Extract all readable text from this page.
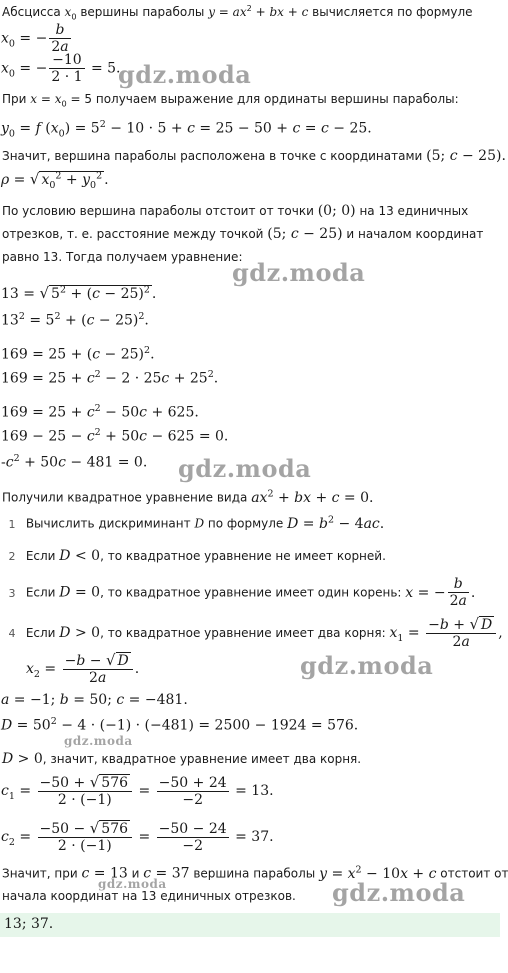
Абсцисса $x_0$ вершины параболы $y = ax^2$ + bx + c вычисляется по формуле
$x_0$ = − $\frac{b}{2a}$
$x_0$ = − $\frac{-10}{2 \cdot 1} = 5$.
gdz.moda
При $x = x_0 = 5$ получаем выражение для ординаты вершины параболы:
$y_0 = f$ $(x_0) = 5^2 - 10 \cdot 5 + c = 25 - 50 + c = c - 25$.
Значит, вершина параболы расположена в точке с координатами (5; c − 25).
ρ = √ $x_0^2 + y_0^2$ .
По условию вершина параболы отстоит от точки (0; 0) на 13 единичных
отрезков, т. е. расстояние между точкой (5; c − 25) и началом координат
равно 13. Тогда получаем уравнение:
gdz.moda
13 = √ $5^2 + (c - 25)^2$ .
$13^2 = 5^2 + (c - 25)^2$.
$169 = 25 + (c - 25)^2$.
$169 = 25 + c^2 - 2 \cdot 25c + 25^2$.
$169 = 25 + c^2 - 50c + 625$.
$169 - 25 - c^2 + 50c - 625 = 0$.
$-c^2 + 50c - 481 = 0$. gdz.moda
Получили квадратное уравнение вида $ax^2$ + bx + c = 0.
1 Вычислить дискриминант D по формуле $D = b^2 - 4ac$.
2 Если D < 0, то квадратное уравнение не имеет корней.
3 Если D = 0, то квадратное уравнение имеет один корень: x = − $\frac{b}{2a}$ .
4 Если D > 0, то квадратное уравнение имеет два корня: $x_1 = \frac{-b + √ D}{2a}$ ,
$x_2 = \frac{-b - √ D}{2a}$ .	gdz.moda
a = −1; b = 50; c = −481.
$D = 50^2 - 4 \cdot (-1) \cdot (-481) = 2500 - 1924 = 576$.
gdz.moda
D > 0, значит, квадратное уравнение имеет два корня.
$c_1 = \frac{-50 + √ 576}{2 \cdot (-1)} = \frac{-50 + 24}{-2} = 13$.
$c_2 = \frac{-50 - √ 576}{2 \cdot (-1)} = \frac{-50 - 24}{-2} = 37$.
Значит, при c = 13 и c = 37 вершина параболы $y = x^2 - 10x + c$ отстоит от
gdz.moda
начала координат на 13 единичных отрезков. gdz.moda
13; 37.
